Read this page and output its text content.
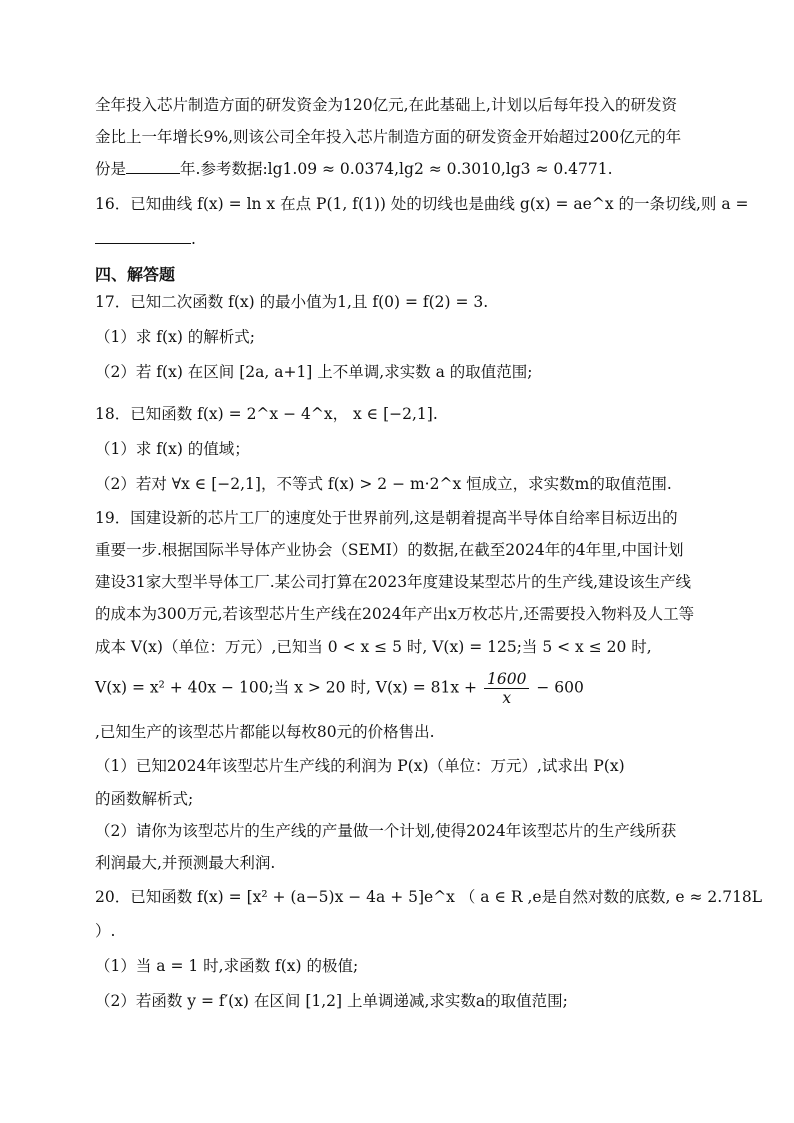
全年投入芯片制造方面的研发资金为120亿元,在此基础上,计划以后每年投入的研发资
金比上一年增长9%,则该公司全年投入芯片制造方面的研发资金开始超过200亿元的年
份是	年.参考数据:lg1.09 ≈ 0.0374,lg2 ≈ 0.3010,lg3 ≈ 0.4771.
16．已知曲线 f(x) = ln x 在点 P(1, f(1)) 处的切线也是曲线 g(x) = ae^x 的一条切线,则 a =
.
四、解答题
17．已知二次函数 f(x) 的最小值为1,且 f(0) = f(2) = 3.
（1）求 f(x) 的解析式;
（2）若 f(x) 在区间 [2a, a+1] 上不单调,求实数 a 的取值范围;
18．已知函数 f(x) = 2^x − 4^x， x ∈ [−2,1].
（1）求 f(x) 的值域；
（2）若对 ∀x ∈ [−2,1]，不等式 f(x) > 2 − m·2^x 恒成立，求实数m的取值范围.
19．国建设新的芯片工厂的速度处于世界前列,这是朝着提高半导体自给率目标迈出的
重要一步.根据国际半导体产业协会（SEMI）的数据,在截至2024年的4年里,中国计划
建设31家大型半导体工厂.某公司打算在2023年度建设某型芯片的生产线,建设该生产线
的成本为300万元,若该型芯片生产线在2024年产出x万枚芯片,还需要投入物料及人工等
成本 V(x)（单位：万元）,已知当 0 < x ≤ 5 时, V(x) = 125;当 5 < x ≤ 20 时,
V(x) = x² + 40x − 100;当 x > 20 时, $V(x) = 81x + \frac{1600}{x} - 600$
,已知生产的该型芯片都能以每枚80元的价格售出.
（1）已知2024年该型芯片生产线的利润为 P(x)（单位：万元）,试求出 P(x)
的函数解析式;
（2）请你为该型芯片的生产线的产量做一个计划,使得2024年该型芯片的生产线所获
利润最大,并预测最大利润.
20．已知函数 f(x) = [x² + (a−5)x − 4a + 5]e^x （ a ∈ R ,e是自然对数的底数, e ≈ 2.718L
）.
（1）当 a = 1 时,求函数 f(x) 的极值;
（2）若函数 y = f′(x) 在区间 [1,2] 上单调递减,求实数a的取值范围;
